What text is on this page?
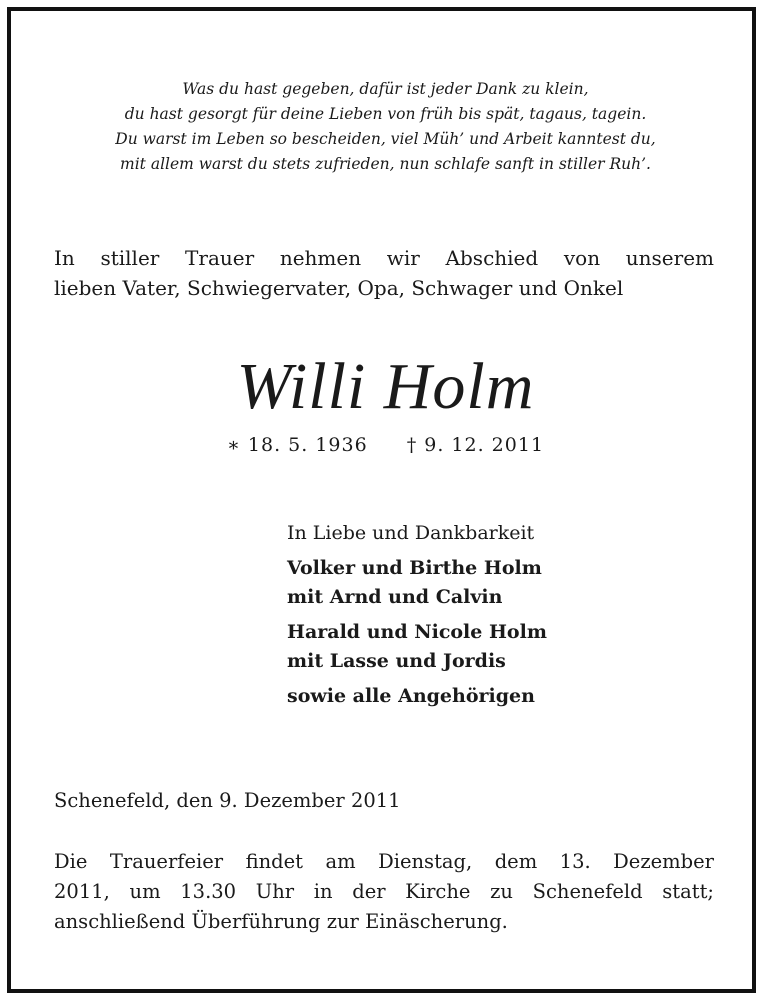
Was du hast gegeben, dafür ist jeder Dank zu klein,
du hast gesorgt für deine Lieben von früh bis spät, tagaus, tagein.
Du warst im Leben so bescheiden, viel Müh’ und Arbeit kanntest du,
mit allem warst du stets zufrieden, nun schlafe sanft in stiller Ruh’.
In stiller Trauer nehmen wir Abschied von unserem
lieben Vater, Schwiegervater, Opa, Schwager und Onkel
Willi Holm
∗ 18. 5. 1936 † 9. 12. 2011
In Liebe und Dankbarkeit
Volker und Birthe Holm
mit Arnd und Calvin
Harald und Nicole Holm
mit Lasse und Jordis
sowie alle Angehörigen
Schenefeld, den 9. Dezember 2011
Die Trauerfeier findet am Dienstag, dem 13. Dezember
2011, um 13.30 Uhr in der Kirche zu Schenefeld statt;
anschließend Überführung zur Einäscherung.
